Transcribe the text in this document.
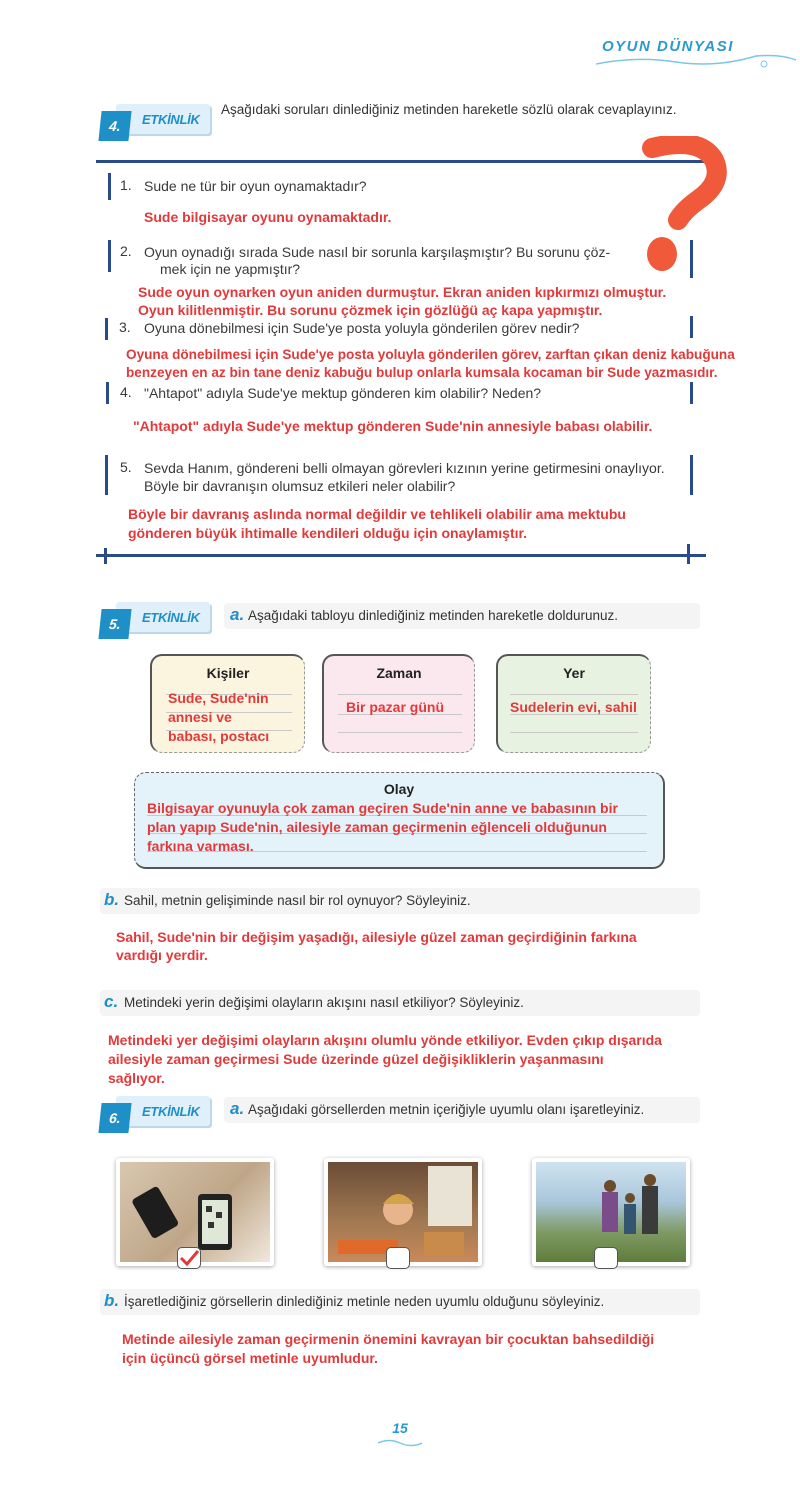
OYUN DÜNYASI
ETKİNLİK
4.
Aşağıdaki soruları dinlediğiniz metinden hareketle sözlü olarak cevaplayınız.
1. Sude ne tür bir oyun oynamaktadır?
Sude bilgisayar oyunu oynamaktadır.
2. Oyun oynadığı sırada Sude nasıl bir sorunla karşılaşmıştır? Bu sorunu çöz-
mek için ne yapmıştır?
Sude oyun oynarken oyun aniden durmuştur. Ekran aniden kıpkırmızı olmuştur.
Oyun kilitlenmiştir. Bu sorunu çözmek için gözlüğü aç kapa yapmıştır.
3. Oyuna dönebilmesi için Sude'ye posta yoluyla gönderilen görev nedir?
Oyuna dönebilmesi için Sude'ye posta yoluyla gönderilen görev, zarftan çıkan deniz kabuğuna
benzeyen en az bin tane deniz kabuğu bulup onlarla kumsala kocaman bir Sude yazmasıdır.
4. "Ahtapot" adıyla Sude'ye mektup gönderen kim olabilir? Neden?
"Ahtapot" adıyla Sude'ye mektup gönderen Sude'nin annesiyle babası olabilir.
5. Sevda Hanım, göndereni belli olmayan görevleri kızının yerine getirmesini onaylıyor.
Böyle bir davranışın olumsuz etkileri neler olabilir?
Böyle bir davranış aslında normal değildir ve tehlikeli olabilir ama mektubu
gönderen büyük ihtimalle kendileri olduğu için onaylamıştır.
ETKİNLİK
5.	a. Aşağıdaki tabloyu dinlediğiniz metinden hareketle doldurunuz.
Kişiler
Sude, Sude'nin
annesi ve
babası, postacı
Zaman
Bir pazar günü
Yer
Sudelerin evi, sahil
Olay
Bilgisayar oyunuyla çok zaman geçiren Sude'nin anne ve babasının bir
plan yapıp Sude'nin, ailesiyle zaman geçirmenin eğlenceli olduğunun
farkına varması.
b. Sahil, metnin gelişiminde nasıl bir rol oynuyor? Söyleyiniz.
Sahil, Sude'nin bir değişim yaşadığı, ailesiyle güzel zaman geçirdiğinin farkına
vardığı yerdir.
c. Metindeki yerin değişimi olayların akışını nasıl etkiliyor? Söyleyiniz.
Metindeki yer değişimi olayların akışını olumlu yönde etkiliyor. Evden çıkıp dışarıda
ailesiyle zaman geçirmesi Sude üzerinde güzel değişikliklerin yaşanmasını
sağlıyor.
ETKİNLİK
6.	a. Aşağıdaki görsellerden metnin içeriğiyle uyumlu olanı işaretleyiniz.
b. İşaretlediğiniz görsellerin dinlediğiniz metinle neden uyumlu olduğunu söyleyiniz.
Metinde ailesiyle zaman geçirmenin önemini kavrayan bir çocuktan bahsedildiği
için üçüncü görsel metinle uyumludur.
15
